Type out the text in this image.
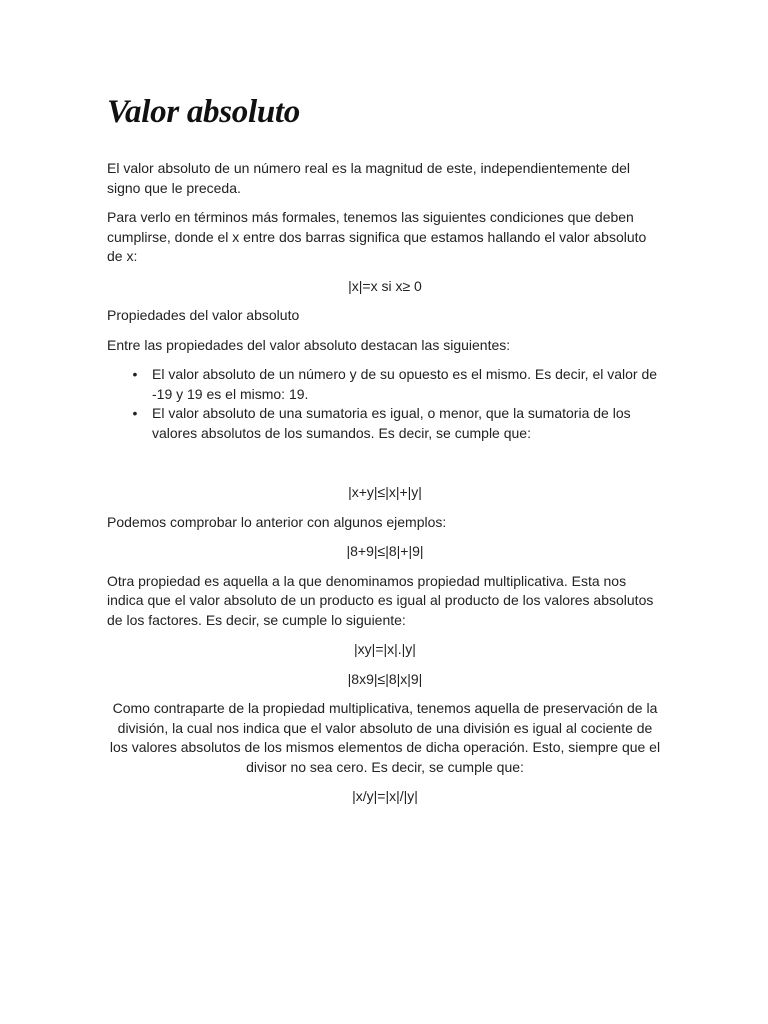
Valor absoluto

El valor absoluto de un número real es la magnitud de este, independientemente del signo que le preceda.

Para verlo en términos más formales, tenemos las siguientes condiciones que deben cumplirse, donde el x entre dos barras significa que estamos hallando el valor absoluto de x:

|x|=x si x≥ 0

Propiedades del valor absoluto

Entre las propiedades del valor absoluto destacan las siguientes:

• El valor absoluto de un número y de su opuesto es el mismo. Es decir, el valor de -19 y 19 es el mismo: 19.
• El valor absoluto de una sumatoria es igual, o menor, que la sumatoria de los valores absolutos de los sumandos. Es decir, se cumple que:

|x+y|≤|x|+|y|

Podemos comprobar lo anterior con algunos ejemplos:

|8+9|≤|8|+|9|

Otra propiedad es aquella a la que denominamos propiedad multiplicativa. Esta nos indica que el valor absoluto de un producto es igual al producto de los valores absolutos de los factores. Es decir, se cumple lo siguiente:

|xy|=|x|.|y|

|8x9|≤|8|x|9|

Como contraparte de la propiedad multiplicativa, tenemos aquella de preservación de la división, la cual nos indica que el valor absoluto de una división es igual al cociente de los valores absolutos de los mismos elementos de dicha operación. Esto, siempre que el divisor no sea cero. Es decir, se cumple que:

|x/y|=|x|/|y|
